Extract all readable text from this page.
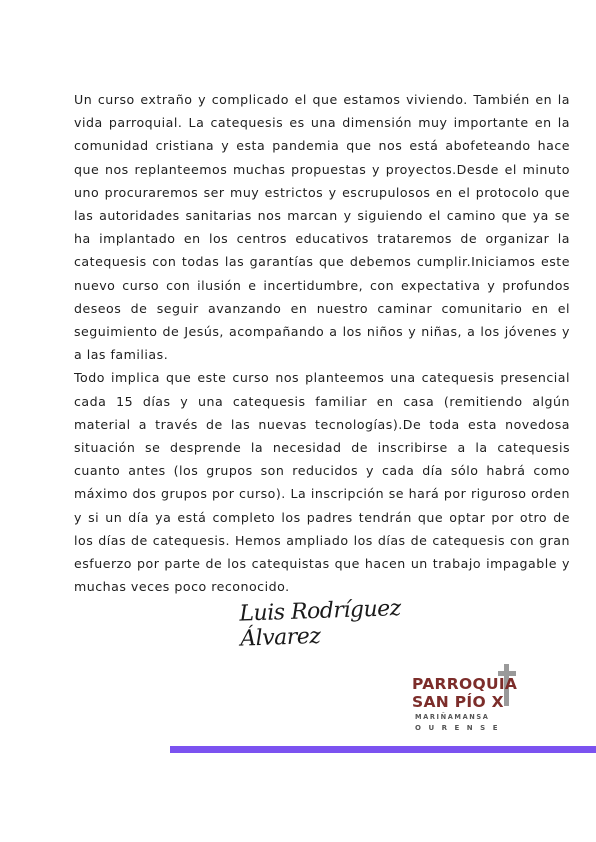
Un curso extraño y complicado el que estamos viviendo. También en la vida parroquial. La catequesis es una dimensión muy importante en la comunidad cristiana y esta pandemia que nos está abofeteando hace que nos replanteemos muchas propuestas y proyectos.Desde el minuto uno procuraremos ser muy estrictos y escrupulosos en el protocolo que las autoridades sanitarias nos marcan y siguiendo el camino que ya se ha implantado en los centros educativos trataremos de organizar la catequesis con todas las garantías que debemos cumplir.Iniciamos este nuevo curso con ilusión e incertidumbre, con expectativa y profundos deseos de seguir avanzando en nuestro caminar comunitario en el seguimiento de Jesús, acompañando a los niños y niñas, a los jóvenes y a las familias.

Todo implica que este curso nos planteemos una catequesis presencial cada 15 días y una catequesis familiar en casa (remitiendo algún material a través de las nuevas tecnologías).De toda esta novedosa situación se desprende la necesidad de inscribirse a la catequesis cuanto antes (los grupos son reducidos y cada día sólo habrá como máximo dos grupos por curso). La inscripción se hará por riguroso orden y si un día ya está completo los padres tendrán que optar por otro de los días de catequesis. Hemos ampliado los días de catequesis con gran esfuerzo por parte de los catequistas que hacen un trabajo impagable y muchas veces poco reconocido.

Luis Rodríguez Álvarez
PARROQUIA
SAN PÍO X
MARIÑAMANSA
OURENSE
